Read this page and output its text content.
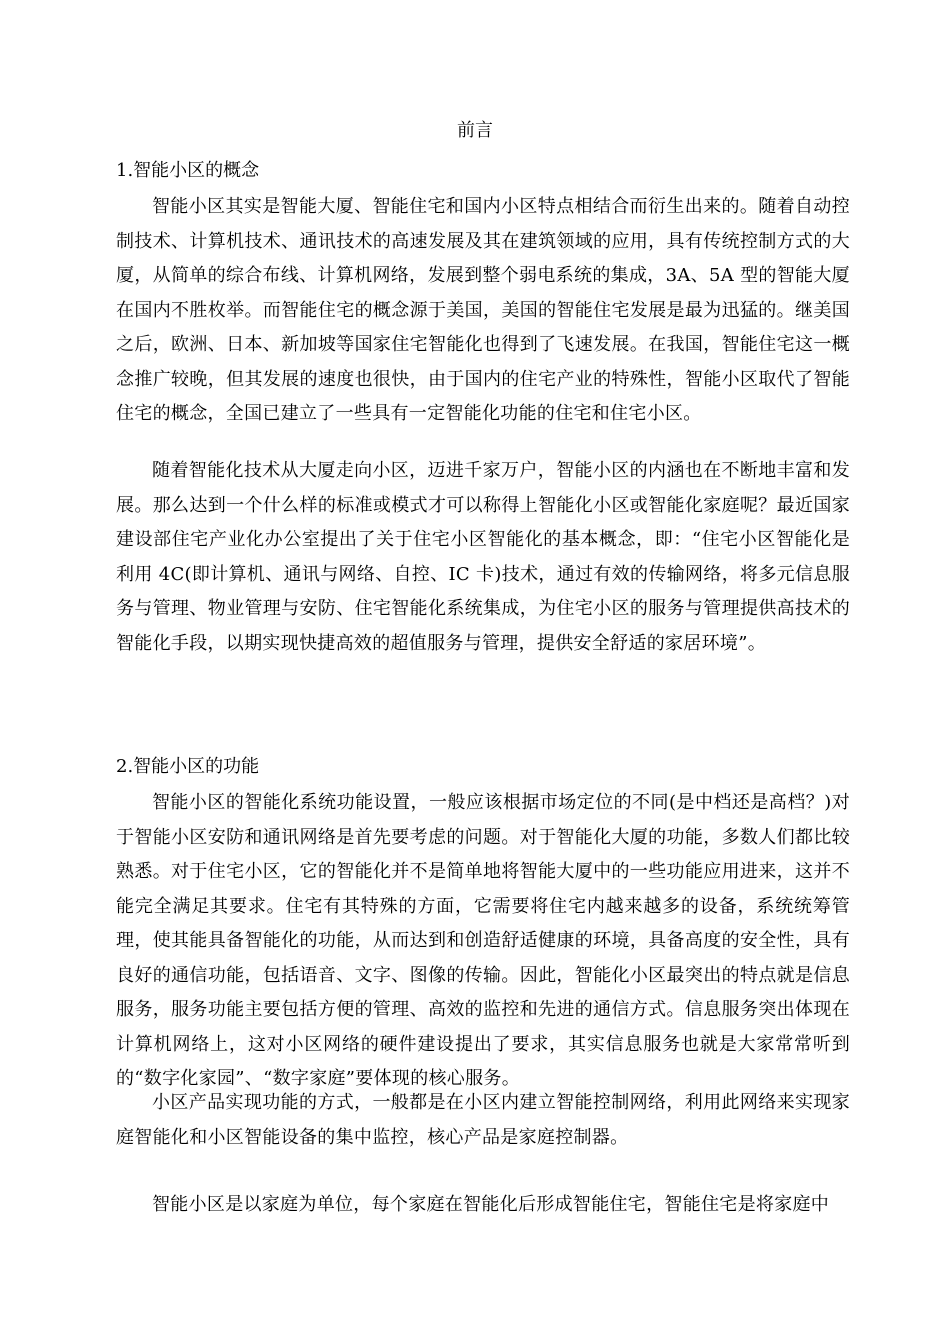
前言
1.智能小区的概念

智能小区其实是智能大厦、智能住宅和国内小区特点相结合而衍生出来的。随着自动控制技术、计算机技术、通讯技术的高速发展及其在建筑领域的应用，具有传统控制方式的大厦，从简单的综合布线、计算机网络，发展到整个弱电系统的集成，3A、5A 型的智能大厦在国内不胜枚举。而智能住宅的概念源于美国，美国的智能住宅发展是最为迅猛的。继美国之后，欧洲、日本、新加坡等国家住宅智能化也得到了飞速发展。在我国，智能住宅这一概念推广较晚，但其发展的速度也很快，由于国内的住宅产业的特殊性，智能小区取代了智能住宅的概念，全国已建立了一些具有一定智能化功能的住宅和住宅小区。

随着智能化技术从大厦走向小区，迈进千家万户，智能小区的内涵也在不断地丰富和发展。那么达到一个什么样的标准或模式才可以称得上智能化小区或智能化家庭呢？最近国家建设部住宅产业化办公室提出了关于住宅小区智能化的基本概念，即：“住宅小区智能化是利用 4C(即计算机、通讯与网络、自控、IC 卡)技术，通过有效的传输网络，将多元信息服务与管理、物业管理与安防、住宅智能化系统集成，为住宅小区的服务与管理提供高技术的智能化手段，以期实现快捷高效的超值服务与管理，提供安全舒适的家居环境”。

2.智能小区的功能

智能小区的智能化系统功能设置，一般应该根据市场定位的不同(是中档还是高档？)对于智能小区安防和通讯网络是首先要考虑的问题。对于智能化大厦的功能，多数人们都比较熟悉。对于住宅小区，它的智能化并不是简单地将智能大厦中的一些功能应用进来，这并不能完全满足其要求。住宅有其特殊的方面，它需要将住宅内越来越多的设备，系统统筹管理，使其能具备智能化的功能，从而达到和创造舒适健康的环境，具备高度的安全性，具有良好的通信功能，包括语音、文字、图像的传输。因此，智能化小区最突出的特点就是信息服务，服务功能主要包括方便的管理、高效的监控和先进的通信方式。信息服务突出体现在计算机网络上，这对小区网络的硬件建设提出了要求，其实信息服务也就是大家常常听到的“数字化家园”、“数字家庭”要体现的核心服务。

小区产品实现功能的方式，一般都是在小区内建立智能控制网络，利用此网络来实现家庭智能化和小区智能设备的集中监控，核心产品是家庭控制器。

智能小区是以家庭为单位，每个家庭在智能化后形成智能住宅，智能住宅是将家庭中
